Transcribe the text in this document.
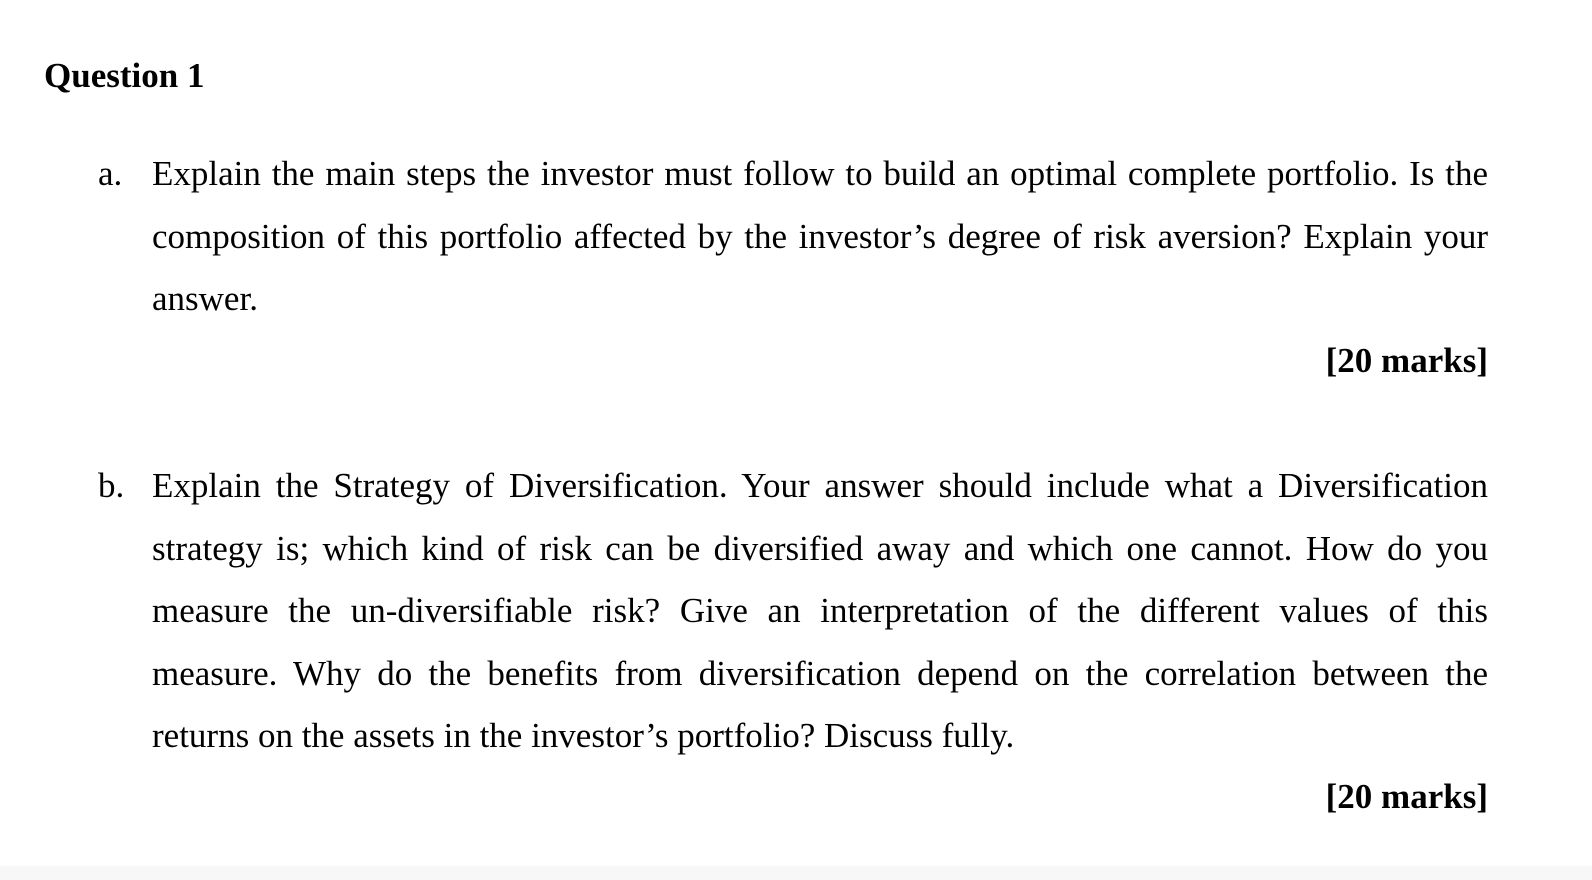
Question 1
a. Explain the main steps the investor must follow to build an optimal complete portfolio. Is the composition of this portfolio affected by the investor’s degree of risk aversion? Explain your answer.
[20 marks]
b. Explain the Strategy of Diversification. Your answer should include what a Diversification strategy is; which kind of risk can be diversified away and which one cannot. How do you measure the un-diversifiable risk? Give an interpretation of the different values of this measure. Why do the benefits from diversification depend on the correlation between the returns on the assets in the investor’s portfolio? Discuss fully.
[20 marks]
